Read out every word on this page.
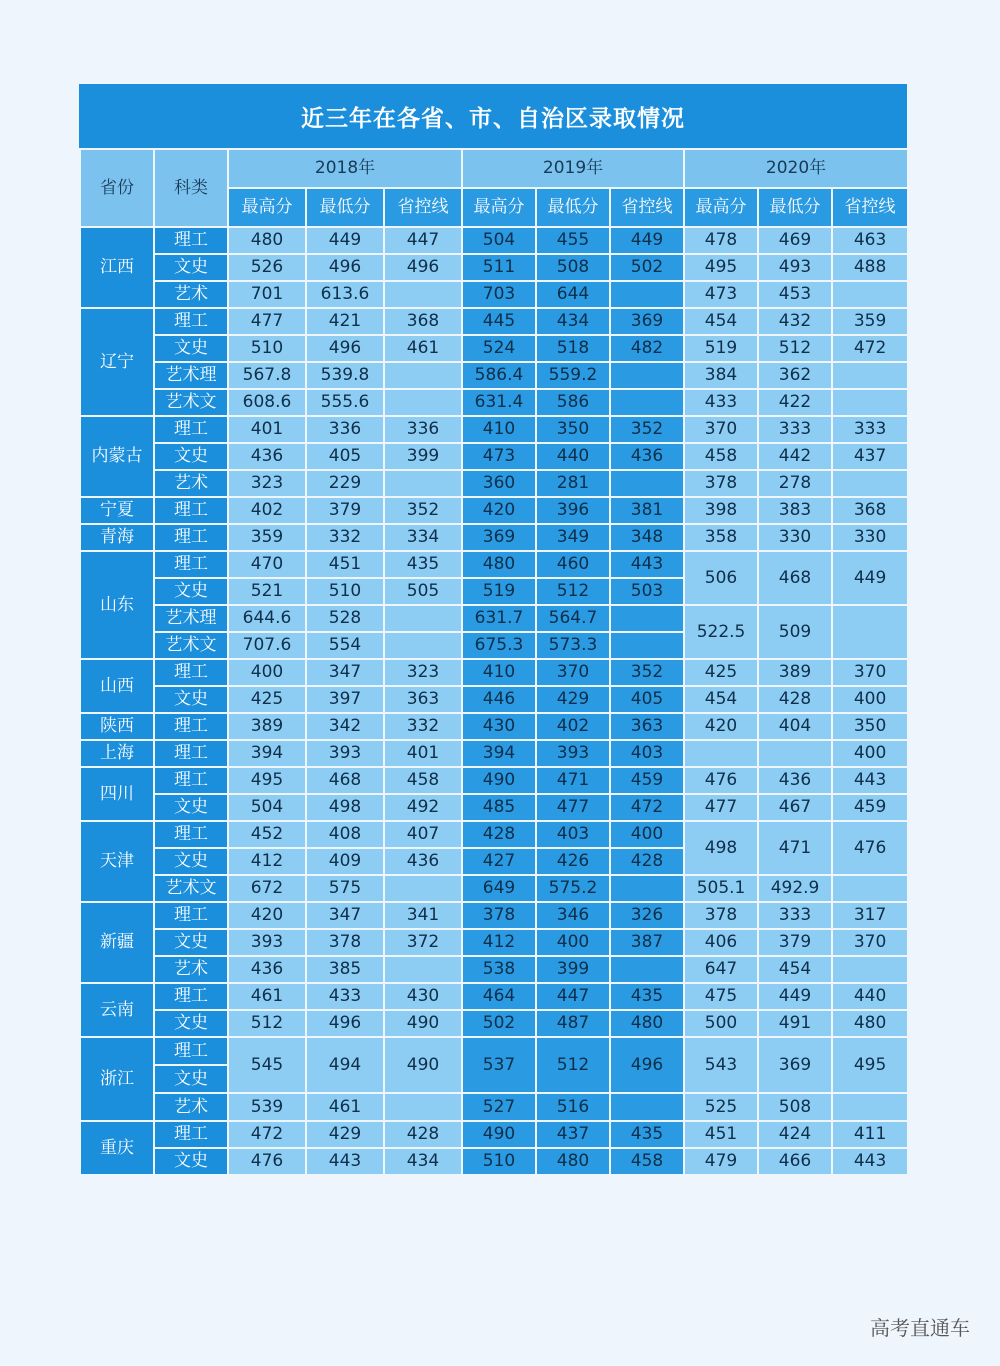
近三年在各省、市、自治区录取情况
省份	科类	2018年			2019年			2020年		
		最高分	最低分	省控线	最高分	最低分	省控线	最高分	最低分	省控线
江西	理工	480	449	447	504	455	449	478	469	463
	文史	526	496	496	511	508	502	495	493	488
	艺术	701	613.6		703	644		473	453	
辽宁	理工	477	421	368	445	434	369	454	432	359
	文史	510	496	461	524	518	482	519	512	472
	艺术理	567.8	539.8		586.4	559.2		384	362	
	艺术文	608.6	555.6		631.4	586		433	422	
内蒙古	理工	401	336	336	410	350	352	370	333	333
	文史	436	405	399	473	440	436	458	442	437
	艺术	323	229		360	281		378	278	
宁夏	理工	402	379	352	420	396	381	398	383	368
青海	理工	359	332	334	369	349	348	358	330	330
山东	理工	470	451	435	480	460	443	506	468	449
	文史	521	510	505	519	512	503			
	艺术理	644.6	528		631.7	564.7		522.5	509	
	艺术文	707.6	554		675.3	573.3				
山西	理工	400	347	323	410	370	352	425	389	370
	文史	425	397	363	446	429	405	454	428	400
陕西	理工	389	342	332	430	402	363	420	404	350
上海	理工	394	393	401	394	393	403			400
四川	理工	495	468	458	490	471	459	476	436	443
	文史	504	498	492	485	477	472	477	467	459
天津	理工	452	408	407	428	403	400	498	471	476
	文史	412	409	436	427	426	428			
	艺术文	672	575		649	575.2		505.1	492.9	
新疆	理工	420	347	341	378	346	326	378	333	317
	文史	393	378	372	412	400	387	406	379	370
	艺术	436	385		538	399		647	454	
云南	理工	461	433	430	464	447	435	475	449	440
	文史	512	496	490	502	487	480	500	491	480
浙江	理工	545	494	490	537	512	496	543	369	495
	文史									
	艺术	539	461		527	516		525	508	
重庆	理工	472	429	428	490	437	435	451	424	411
	文史	476	443	434	510	480	458	479	466	443
高考直通车
